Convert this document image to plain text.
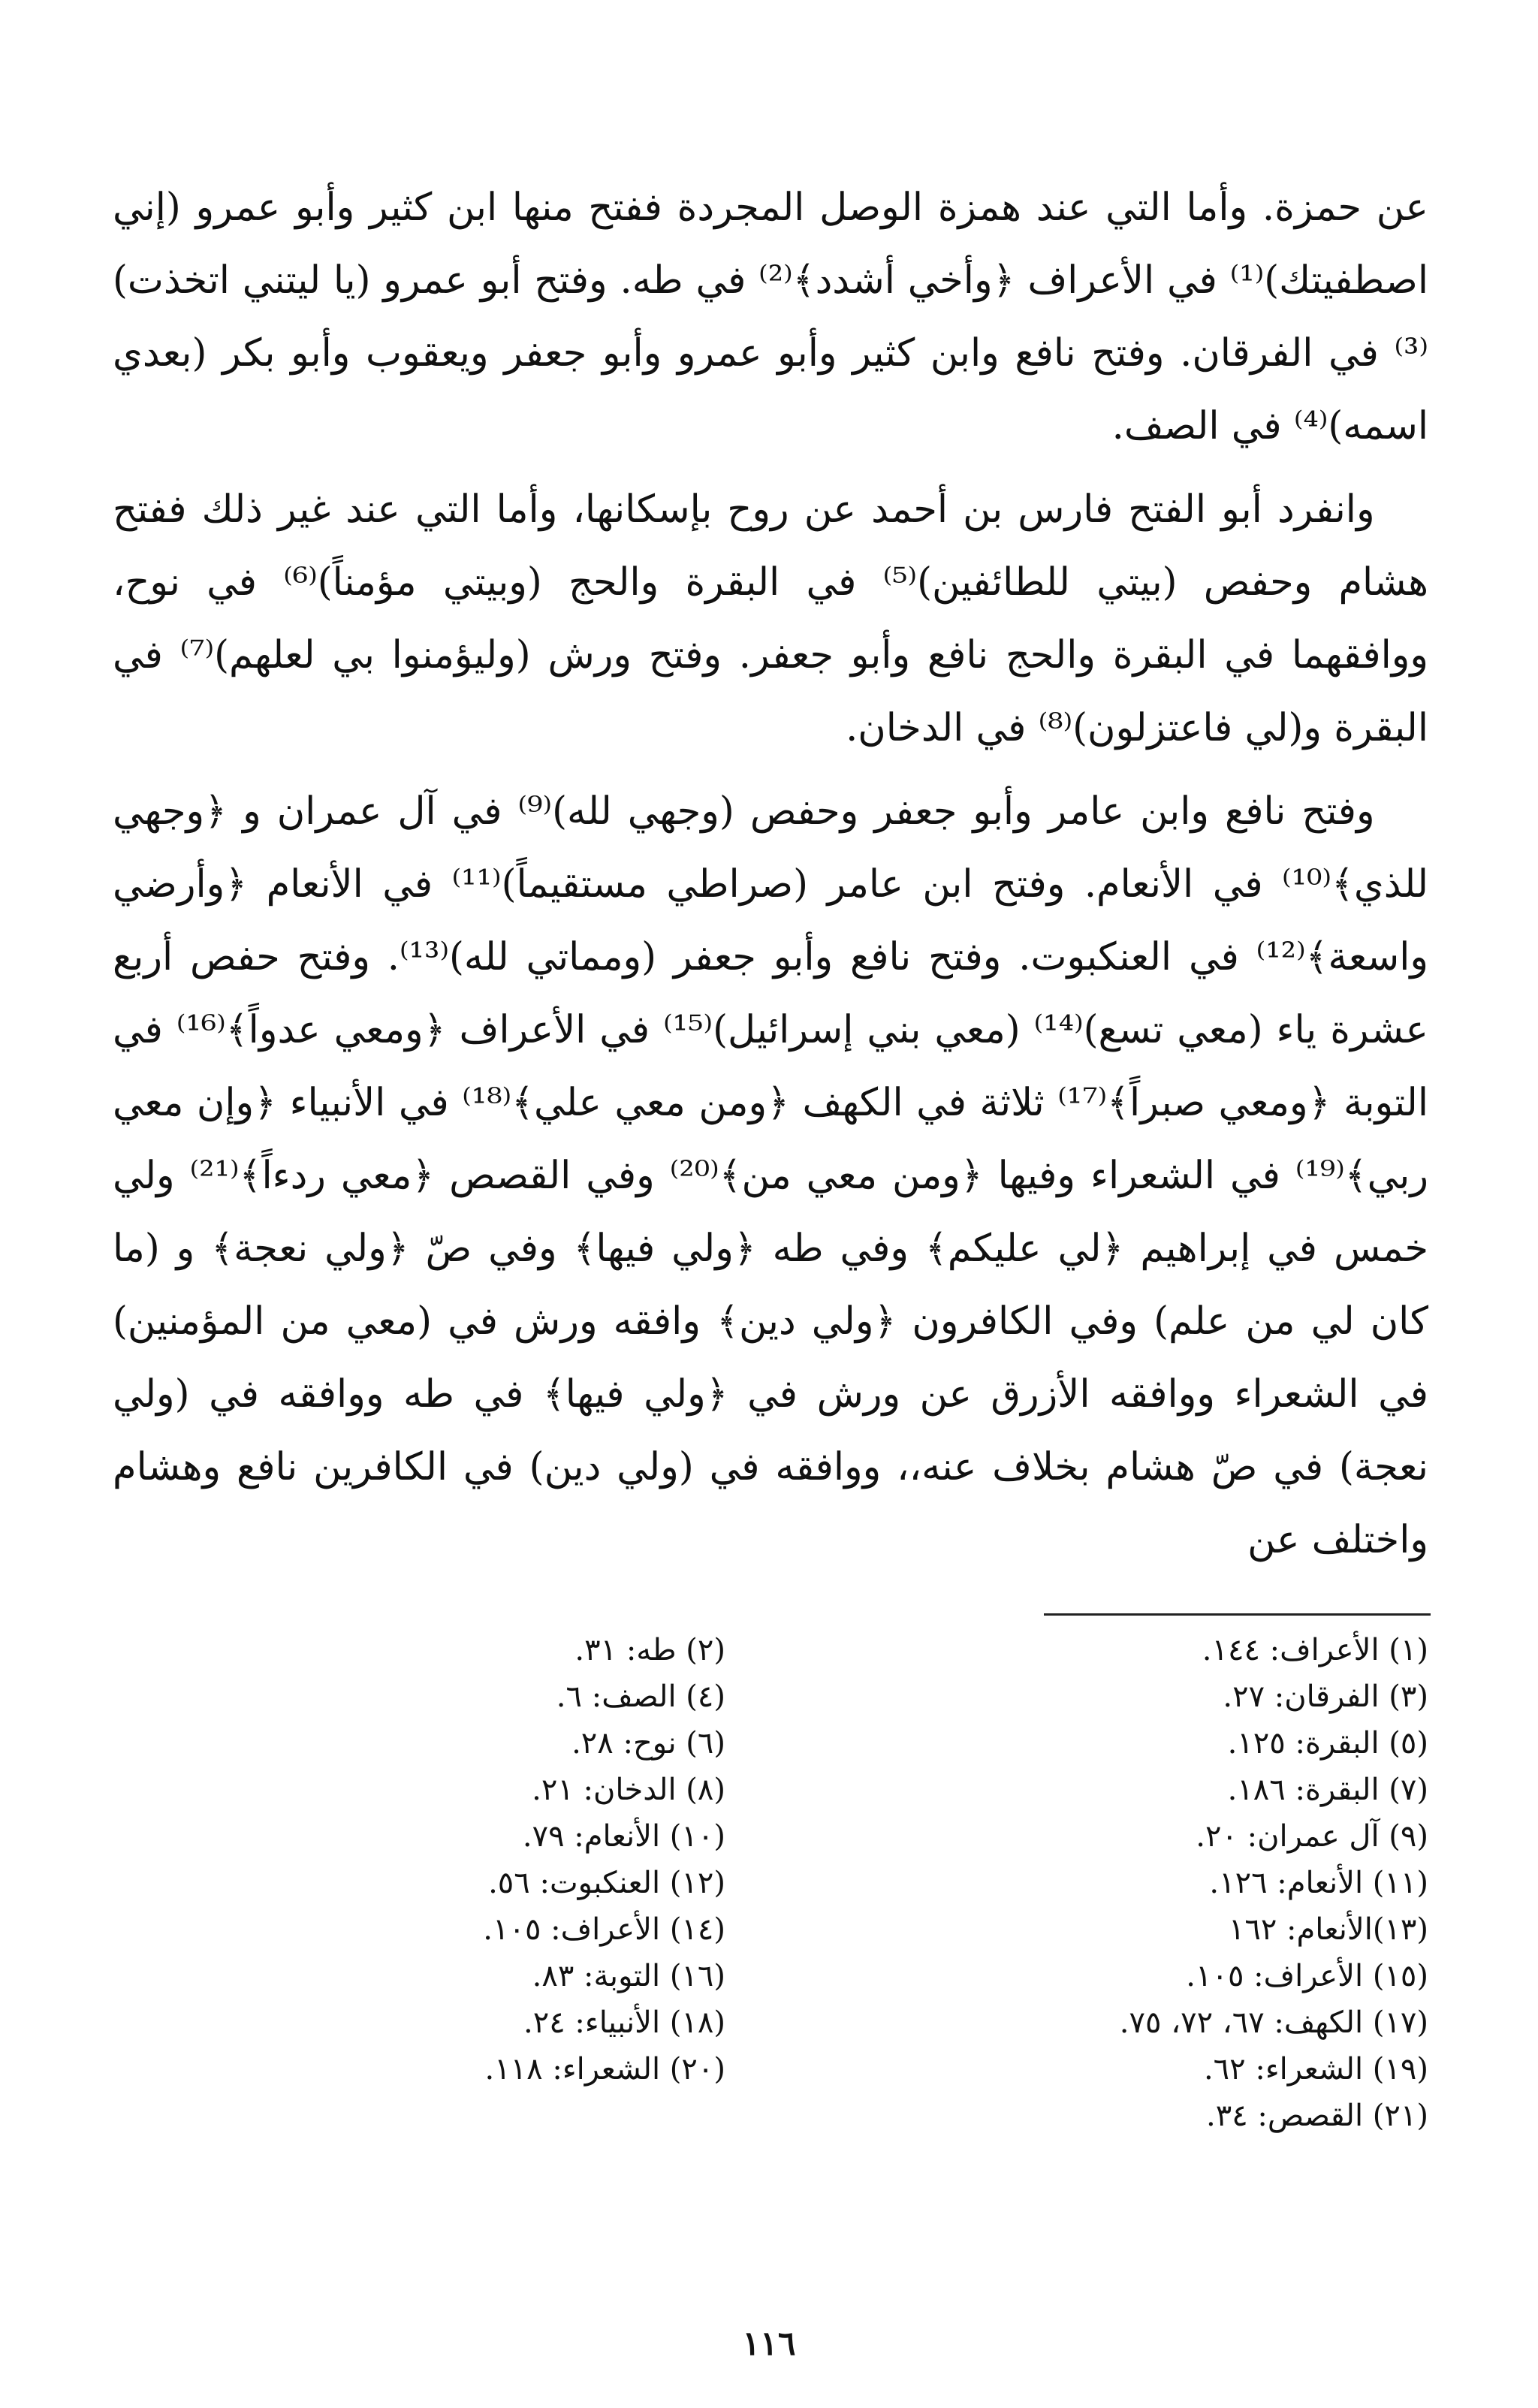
عن حمزة. وأما التي عند همزة الوصل المجردة ففتح منها ابن كثير وأبو عمرو (إني اصطفيتك)⁽¹⁾ في الأعراف ﴿وأخي أشدد﴾⁽²⁾ في طه. وفتح أبو عمرو (يا ليتني اتخذت)⁽³⁾ في الفرقان. وفتح نافع وابن كثير وأبو عمرو وأبو جعفر ويعقوب وأبو بكر (بعدي اسمه)⁽⁴⁾ في الصف.

وانفرد أبو الفتح فارس بن أحمد عن روح بإسكانها، وأما التي عند غير ذلك ففتح هشام وحفص (بيتي للطائفين)⁽⁵⁾ في البقرة والحج (وبيتي مؤمناً)⁽⁶⁾ في نوح، ووافقهما في البقرة والحج نافع وأبو جعفر. وفتح ورش (وليؤمنوا بي لعلهم)⁽⁷⁾ في البقرة و(لي فاعتزلون)⁽⁸⁾ في الدخان.

وفتح نافع وابن عامر وأبو جعفر وحفص (وجهي لله)⁽⁹⁾ في آل عمران و ﴿وجهي للذي﴾⁽¹⁰⁾ في الأنعام. وفتح ابن عامر (صراطي مستقيماً)⁽¹¹⁾ في الأنعام ﴿وأرضي واسعة﴾⁽¹²⁾ في العنكبوت. وفتح نافع وأبو جعفر (ومماتي لله)⁽¹³⁾. وفتح حفص أربع عشرة ياء (معي تسع)⁽¹⁴⁾ (معي بني إسرائيل)⁽¹⁵⁾ في الأعراف ﴿ومعي عدواً﴾⁽¹⁶⁾ في التوبة ﴿ومعي صبراً﴾⁽¹⁷⁾ ثلاثة في الكهف ﴿ومن معي علي﴾⁽¹⁸⁾ في الأنبياء ﴿وإن معي ربي﴾⁽¹⁹⁾ في الشعراء وفيها ﴿ومن معي من﴾⁽²⁰⁾ وفي القصص ﴿معي ردءاً﴾⁽²¹⁾ ولي خمس في إبراهيم ﴿لي عليكم﴾ وفي طه ﴿ولي فيها﴾ وفي صّ ﴿ولي نعجة﴾ و (ما كان لي من علم) وفي الكافرون ﴿ولي دين﴾ وافقه ورش في (معي من المؤمنين) في الشعراء ووافقه الأزرق عن ورش في ﴿ولي فيها﴾ في طه ووافقه في (ولي نعجة) في صّ هشام بخلاف عنه،، ووافقه في (ولي دين) في الكافرين نافع وهشام واختلف عن

(١) الأعراف: ١٤٤.
(٢) طه: ٣١.
(٣) الفرقان: ٢٧.
(٤) الصف: ٦.
(٥) البقرة: ١٢٥.
(٦) نوح: ٢٨.
(٧) البقرة: ١٨٦.
(٨) الدخان: ٢١.
(٩) آل عمران: ٢٠.
(١٠) الأنعام: ٧٩.
(١١) الأنعام: ١٢٦.
(١٢) العنكبوت: ٥٦.
(١٣)الأنعام: ١٦٢
(١٤) الأعراف: ١٠٥.
(١٥) الأعراف: ١٠٥.
(١٦) التوبة: ٨٣.
(١٧) الكهف: ٦٧، ٧٢، ٧٥.
(١٨) الأنبياء: ٢٤.
(١٩) الشعراء: ٦٢.
(٢٠) الشعراء: ١١٨.
(٢١) القصص: ٣٤.
١١٦
